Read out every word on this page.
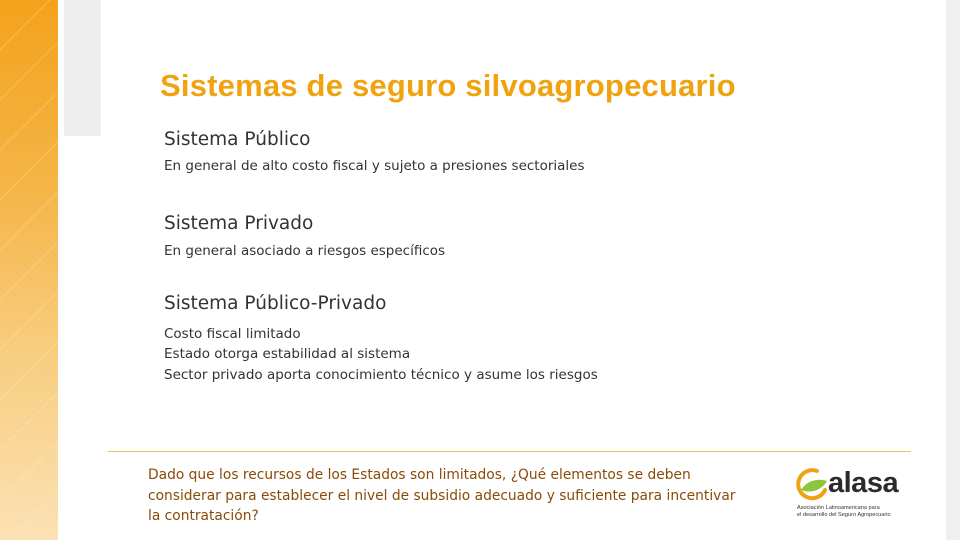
Sistemas de seguro silvoagropecuario
Sistema Público
En general de alto costo fiscal y sujeto a presiones sectoriales
Sistema Privado
En general asociado a riesgos específicos
Sistema Público-Privado
Costo fiscal limitado
Estado otorga estabilidad al sistema
Sector privado aporta conocimiento técnico y asume los riesgos
Dado que los recursos de los Estados son limitados, ¿Qué elementos se deben considerar para establecer el nivel de subsidio adecuado y suficiente para incentivar la contratación?
alasa
Asociación Latinoamericana para
el desarrollo del Seguro Agropecuario
